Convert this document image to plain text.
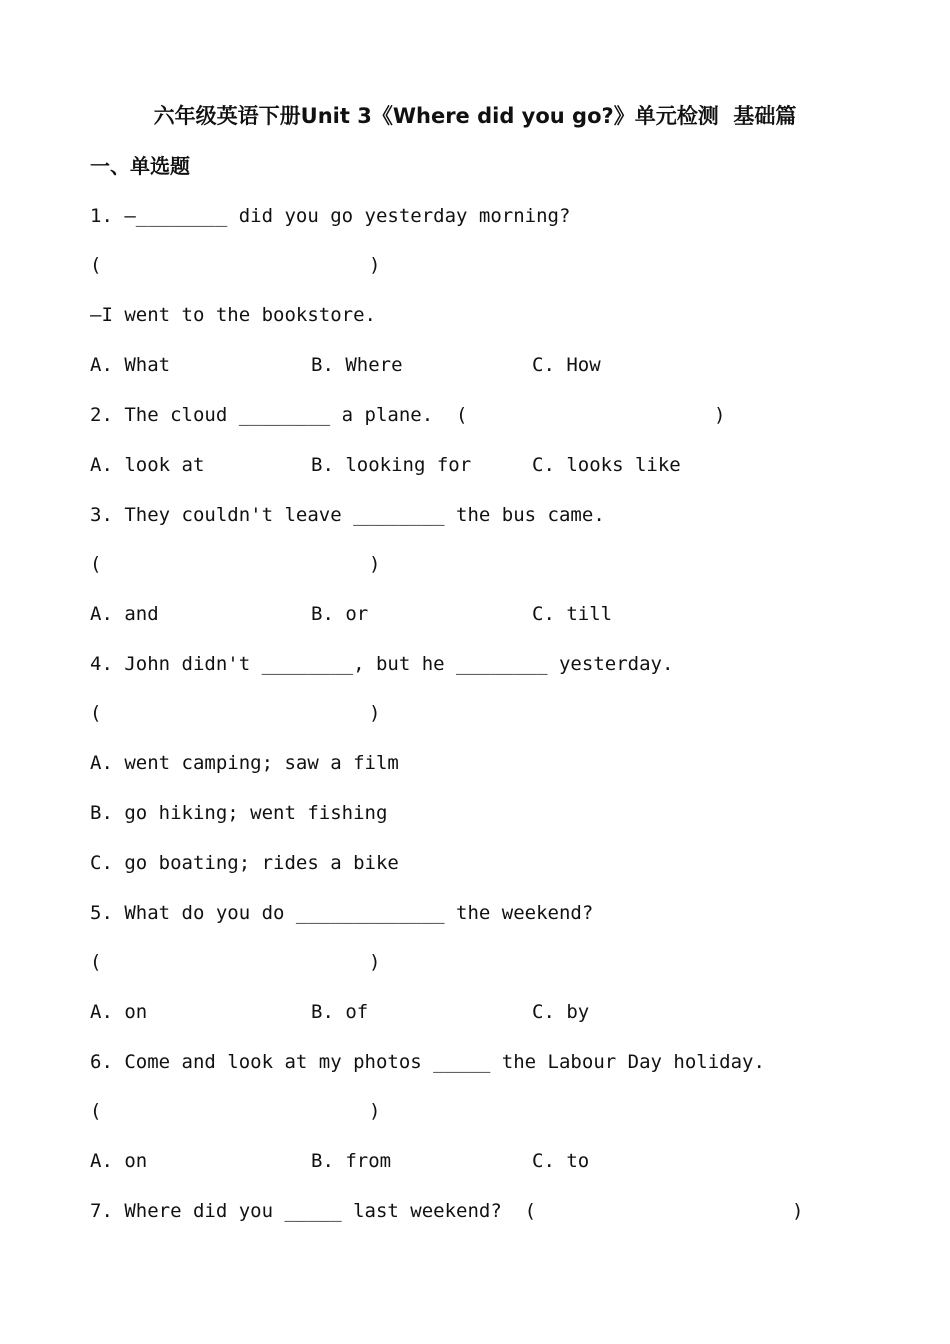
六年级英语下册Unit 3《Where did you go?》单元检测  基础篇
一、单选题
1. —________ did you go yesterday morning?

(

	)

—I went to the bookstore.

A. What

	B. Where

	C. How

2. The cloud ________ a plane.  (

	)

A. look at

	B. looking for

	C. looks like

3. They couldn't leave ________ the bus came.

(

	)

A. and

	B. or

	C. till

4. John didn't ________, but he ________ yesterday.

(

	)

A. went camping; saw a film
B. go hiking; went fishing
C. go boating; rides a bike
5. What do you do _____________ the weekend?

(

	)

A. on

	B. of

	C. by

6. Come and look at my photos _____ the Labour Day holiday.

(

	)

A. on

	B. from

	C. to

7. Where did you _____ last weekend?  (

	)
